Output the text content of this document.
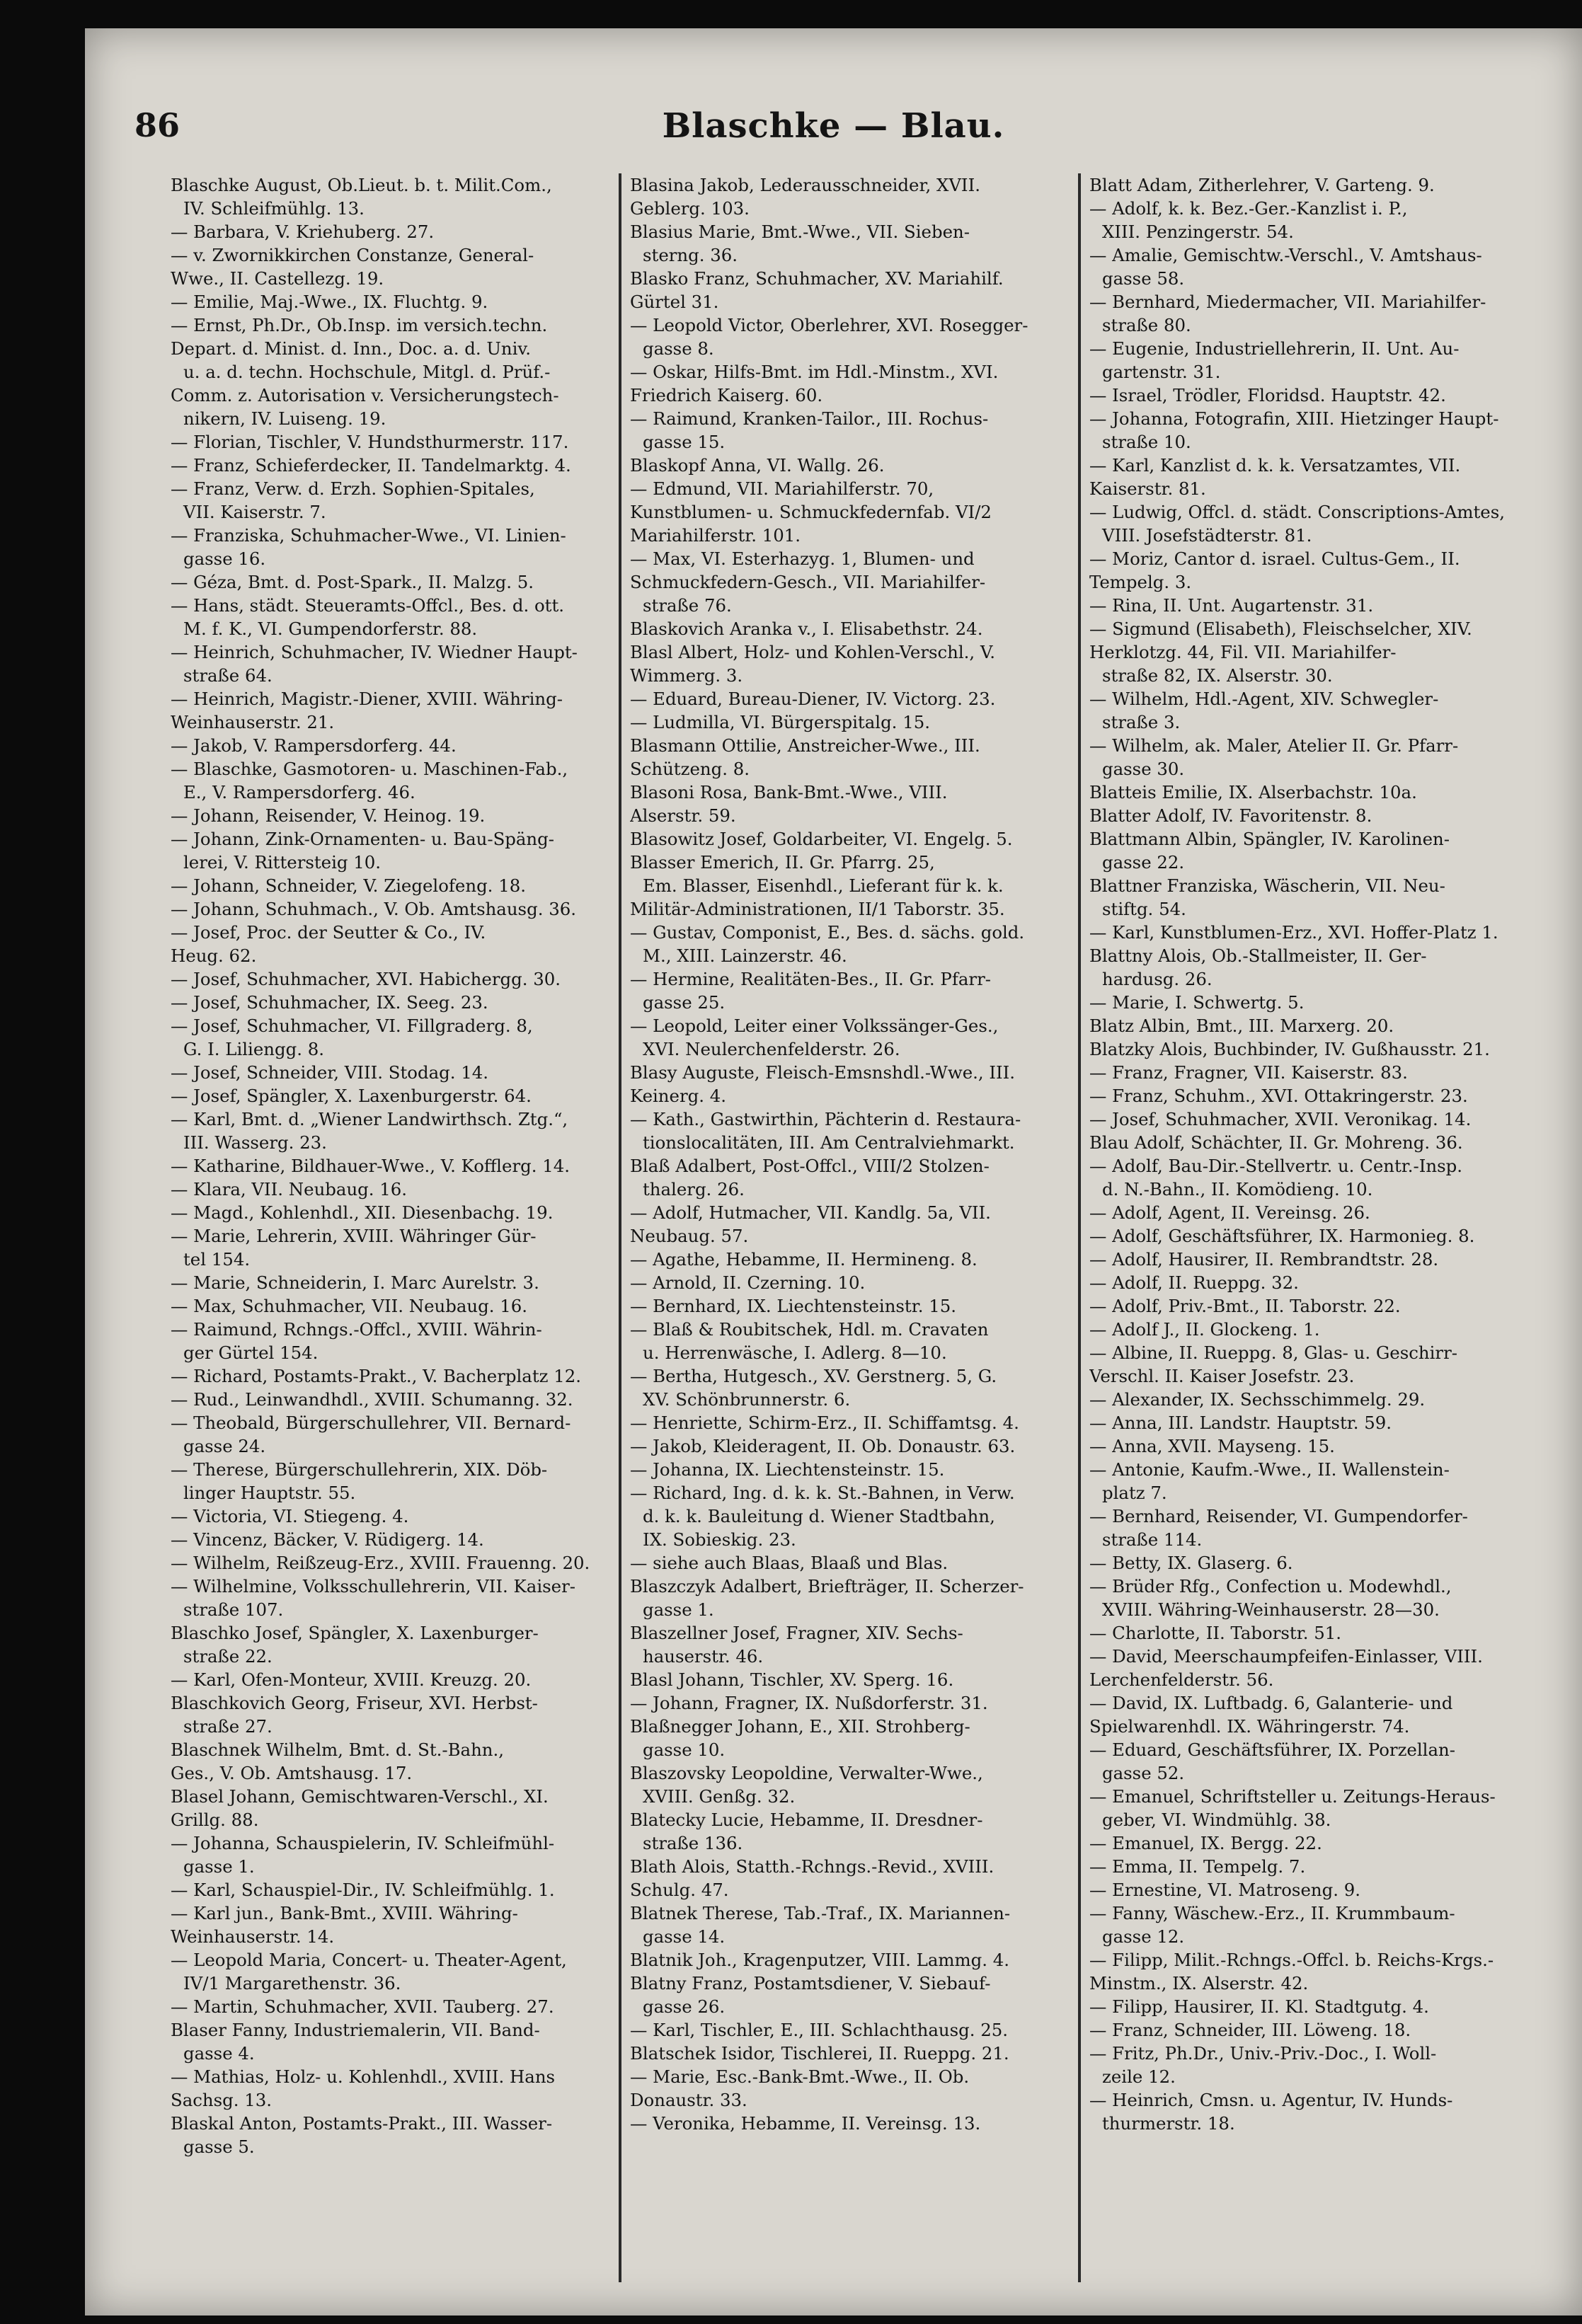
86	Blaschke — Blau.
Blaschke August, Ob.Lieut. b. t. Milit.Com.,
IV. Schleifmühlg. 13.
— Barbara, V. Kriehuberg. 27.
— v. Zwornikkirchen Constanze, General-
Wwe., II. Castellezg. 19.
— Emilie, Maj.-Wwe., IX. Fluchtg. 9.
— Ernst, Ph.Dr., Ob.Insp. im versich.techn.
Depart. d. Minist. d. Inn., Doc. a. d. Univ.
u. a. d. techn. Hochschule, Mitgl. d. Prüf.-
Comm. z. Autorisation v. Versicherungstech-
nikern, IV. Luiseng. 19.
— Florian, Tischler, V. Hundsthurmerstr. 117.
— Franz, Schieferdecker, II. Tandelmarktg. 4.
— Franz, Verw. d. Erzh. Sophien-Spitales,
VII. Kaiserstr. 7.
— Franziska, Schuhmacher-Wwe., VI. Linien-
gasse 16.
— Géza, Bmt. d. Post-Spark., II. Malzg. 5.
— Hans, städt. Steueramts-Offcl., Bes. d. ott.
M. f. K., VI. Gumpendorferstr. 88.
— Heinrich, Schuhmacher, IV. Wiedner Haupt-
straße 64.
— Heinrich, Magistr.-Diener, XVIII. Währing-
Weinhauserstr. 21.
— Jakob, V. Rampersdorferg. 44.
— Blaschke, Gasmotoren- u. Maschinen-Fab.,
E., V. Rampersdorferg. 46.
— Johann, Reisender, V. Heinog. 19.
— Johann, Zink-Ornamenten- u. Bau-Späng-
lerei, V. Rittersteig 10.
— Johann, Schneider, V. Ziegelofeng. 18.
— Johann, Schuhmach., V. Ob. Amtshausg. 36.
— Josef, Proc. der Seutter & Co., IV.
Heug. 62.
— Josef, Schuhmacher, XVI. Habichergg. 30.
— Josef, Schuhmacher, IX. Seeg. 23.
— Josef, Schuhmacher, VI. Fillgraderg. 8,
G. I. Liliengg. 8.
— Josef, Schneider, VIII. Stodag. 14.
— Josef, Spängler, X. Laxenburgerstr. 64.
— Karl, Bmt. d. „Wiener Landwirthsch. Ztg.“,
III. Wasserg. 23.
— Katharine, Bildhauer-Wwe., V. Kofflerg. 14.
— Klara, VII. Neubaug. 16.
— Magd., Kohlenhdl., XII. Diesenbachg. 19.
— Marie, Lehrerin, XVIII. Währinger Gür-
tel 154.
— Marie, Schneiderin, I. Marc Aurelstr. 3.
— Max, Schuhmacher, VII. Neubaug. 16.
— Raimund, Rchngs.-Offcl., XVIII. Währin-
ger Gürtel 154.
— Richard, Postamts-Prakt., V. Bacherplatz 12.
— Rud., Leinwandhdl., XVIII. Schumanng. 32.
— Theobald, Bürgerschullehrer, VII. Bernard-
gasse 24.
— Therese, Bürgerschullehrerin, XIX. Döb-
linger Hauptstr. 55.
— Victoria, VI. Stiegeng. 4.
— Vincenz, Bäcker, V. Rüdigerg. 14.
— Wilhelm, Reißzeug-Erz., XVIII. Frauenng. 20.
— Wilhelmine, Volksschullehrerin, VII. Kaiser-
straße 107.
Blaschko Josef, Spängler, X. Laxenburger-
straße 22.
— Karl, Ofen-Monteur, XVIII. Kreuzg. 20.
Blaschkovich Georg, Friseur, XVI. Herbst-
straße 27.
Blaschnek Wilhelm, Bmt. d. St.-Bahn.,
Ges., V. Ob. Amtshausg. 17.
Blasel Johann, Gemischtwaren-Verschl., XI.
Grillg. 88.
— Johanna, Schauspielerin, IV. Schleifmühl-
gasse 1.
— Karl, Schauspiel-Dir., IV. Schleifmühlg. 1.
— Karl jun., Bank-Bmt., XVIII. Währing-
Weinhauserstr. 14.
— Leopold Maria, Concert- u. Theater-Agent,
IV/1 Margarethenstr. 36.
— Martin, Schuhmacher, XVII. Tauberg. 27.
Blaser Fanny, Industriemalerin, VII. Band-
gasse 4.
— Mathias, Holz- u. Kohlenhdl., XVIII. Hans
Sachsg. 13.
Blaskal Anton, Postamts-Prakt., III. Wasser-
gasse 5.
Blasina Jakob, Lederausschneider, XVII.
Geblerg. 103.
Blasius Marie, Bmt.-Wwe., VII. Sieben-
sterng. 36.
Blasko Franz, Schuhmacher, XV. Mariahilf.
Gürtel 31.
— Leopold Victor, Oberlehrer, XVI. Rosegger-
gasse 8.
— Oskar, Hilfs-Bmt. im Hdl.-Minstm., XVI.
Friedrich Kaiserg. 60.
— Raimund, Kranken-Tailor., III. Rochus-
gasse 15.
Blaskopf Anna, VI. Wallg. 26.
— Edmund, VII. Mariahilferstr. 70,
Kunstblumen- u. Schmuckfedernfab. VI/2
Mariahilferstr. 101.
— Max, VI. Esterhazyg. 1, Blumen- und
Schmuckfedern-Gesch., VII. Mariahilfer-
straße 76.
Blaskovich Aranka v., I. Elisabethstr. 24.
Blasl Albert, Holz- und Kohlen-Verschl., V.
Wimmerg. 3.
— Eduard, Bureau-Diener, IV. Victorg. 23.
— Ludmilla, VI. Bürgerspitalg. 15.
Blasmann Ottilie, Anstreicher-Wwe., III.
Schützeng. 8.
Blasoni Rosa, Bank-Bmt.-Wwe., VIII.
Alserstr. 59.
Blasowitz Josef, Goldarbeiter, VI. Engelg. 5.
Blasser Emerich, II. Gr. Pfarrg. 25,
Em. Blasser, Eisenhdl., Lieferant für k. k.
Militär-Administrationen, II/1 Taborstr. 35.
— Gustav, Componist, E., Bes. d. sächs. gold.
M., XIII. Lainzerstr. 46.
— Hermine, Realitäten-Bes., II. Gr. Pfarr-
gasse 25.
— Leopold, Leiter einer Volkssänger-Ges.,
XVI. Neulerchenfelderstr. 26.
Blasy Auguste, Fleisch-Emsnshdl.-Wwe., III.
Keinerg. 4.
— Kath., Gastwirthin, Pächterin d. Restaura-
tionslocalitäten, III. Am Centralviehmarkt.
Blaß Adalbert, Post-Offcl., VIII/2 Stolzen-
thalerg. 26.
— Adolf, Hutmacher, VII. Kandlg. 5a, VII.
Neubaug. 57.
— Agathe, Hebamme, II. Hermineng. 8.
— Arnold, II. Czerning. 10.
— Bernhard, IX. Liechtensteinstr. 15.
— Blaß & Roubitschek, Hdl. m. Cravaten
u. Herrenwäsche, I. Adlerg. 8—10.
— Bertha, Hutgesch., XV. Gerstnerg. 5, G.
XV. Schönbrunnerstr. 6.
— Henriette, Schirm-Erz., II. Schiffamtsg. 4.
— Jakob, Kleideragent, II. Ob. Donaustr. 63.
— Johanna, IX. Liechtensteinstr. 15.
— Richard, Ing. d. k. k. St.-Bahnen, in Verw.
d. k. k. Bauleitung d. Wiener Stadtbahn,
IX. Sobieskig. 23.
— siehe auch Blaas, Blaaß und Blas.
Blaszczyk Adalbert, Briefträger, II. Scherzer-
gasse 1.
Blaszellner Josef, Fragner, XIV. Sechs-
hauserstr. 46.
Blasl Johann, Tischler, XV. Sperg. 16.
— Johann, Fragner, IX. Nußdorferstr. 31.
Blaßnegger Johann, E., XII. Strohberg-
gasse 10.
Blaszovsky Leopoldine, Verwalter-Wwe.,
XVIII. Genßg. 32.
Blatecky Lucie, Hebamme, II. Dresdner-
straße 136.
Blath Alois, Statth.-Rchngs.-Revid., XVIII.
Schulg. 47.
Blatnek Therese, Tab.-Traf., IX. Mariannen-
gasse 14.
Blatnik Joh., Kragenputzer, VIII. Lammg. 4.
Blatny Franz, Postamtsdiener, V. Siebauf-
gasse 26.
— Karl, Tischler, E., III. Schlachthausg. 25.
Blatschek Isidor, Tischlerei, II. Rueppg. 21.
— Marie, Esc.-Bank-Bmt.-Wwe., II. Ob.
Donaustr. 33.
— Veronika, Hebamme, II. Vereinsg. 13.
Blatt Adam, Zitherlehrer, V. Garteng. 9.
— Adolf, k. k. Bez.-Ger.-Kanzlist i. P.,
XIII. Penzingerstr. 54.
— Amalie, Gemischtw.-Verschl., V. Amtshaus-
gasse 58.
— Bernhard, Miedermacher, VII. Mariahilfer-
straße 80.
— Eugenie, Industriellehrerin, II. Unt. Au-
gartenstr. 31.
— Israel, Trödler, Floridsd. Hauptstr. 42.
— Johanna, Fotografin, XIII. Hietzinger Haupt-
straße 10.
— Karl, Kanzlist d. k. k. Versatzamtes, VII.
Kaiserstr. 81.
— Ludwig, Offcl. d. städt. Conscriptions-Amtes,
VIII. Josefstädterstr. 81.
— Moriz, Cantor d. israel. Cultus-Gem., II.
Tempelg. 3.
— Rina, II. Unt. Augartenstr. 31.
— Sigmund (Elisabeth), Fleischselcher, XIV.
Herklotzg. 44, Fil. VII. Mariahilfer-
straße 82, IX. Alserstr. 30.
— Wilhelm, Hdl.-Agent, XIV. Schwegler-
straße 3.
— Wilhelm, ak. Maler, Atelier II. Gr. Pfarr-
gasse 30.
Blatteis Emilie, IX. Alserbachstr. 10a.
Blatter Adolf, IV. Favoritenstr. 8.
Blattmann Albin, Spängler, IV. Karolinen-
gasse 22.
Blattner Franziska, Wäscherin, VII. Neu-
stiftg. 54.
— Karl, Kunstblumen-Erz., XVI. Hoffer-Platz 1.
Blattny Alois, Ob.-Stallmeister, II. Ger-
hardusg. 26.
— Marie, I. Schwertg. 5.
Blatz Albin, Bmt., III. Marxerg. 20.
Blatzky Alois, Buchbinder, IV. Gußhausstr. 21.
— Franz, Fragner, VII. Kaiserstr. 83.
— Franz, Schuhm., XVI. Ottakringerstr. 23.
— Josef, Schuhmacher, XVII. Veronikag. 14.
Blau Adolf, Schächter, II. Gr. Mohreng. 36.
— Adolf, Bau-Dir.-Stellvertr. u. Centr.-Insp.
d. N.-Bahn., II. Komödieng. 10.
— Adolf, Agent, II. Vereinsg. 26.
— Adolf, Geschäftsführer, IX. Harmonieg. 8.
— Adolf, Hausirer, II. Rembrandtstr. 28.
— Adolf, II. Rueppg. 32.
— Adolf, Priv.-Bmt., II. Taborstr. 22.
— Adolf J., II. Glockeng. 1.
— Albine, II. Rueppg. 8, Glas- u. Geschirr-
Verschl. II. Kaiser Josefstr. 23.
— Alexander, IX. Sechsschimmelg. 29.
— Anna, III. Landstr. Hauptstr. 59.
— Anna, XVII. Mayseng. 15.
— Antonie, Kaufm.-Wwe., II. Wallenstein-
platz 7.
— Bernhard, Reisender, VI. Gumpendorfer-
straße 114.
— Betty, IX. Glaserg. 6.
— Brüder Rfg., Confection u. Modewhdl.,
XVIII. Währing-Weinhauserstr. 28—30.
— Charlotte, II. Taborstr. 51.
— David, Meerschaumpfeifen-Einlasser, VIII.
Lerchenfelderstr. 56.
— David, IX. Luftbadg. 6, Galanterie- und
Spielwarenhdl. IX. Währingerstr. 74.
— Eduard, Geschäftsführer, IX. Porzellan-
gasse 52.
— Emanuel, Schriftsteller u. Zeitungs-Heraus-
geber, VI. Windmühlg. 38.
— Emanuel, IX. Bergg. 22.
— Emma, II. Tempelg. 7.
— Ernestine, VI. Matroseng. 9.
— Fanny, Wäschew.-Erz., II. Krummbaum-
gasse 12.
— Filipp, Milit.-Rchngs.-Offcl. b. Reichs-Krgs.-
Minstm., IX. Alserstr. 42.
— Filipp, Hausirer, II. Kl. Stadtgutg. 4.
— Franz, Schneider, III. Löweng. 18.
— Fritz, Ph.Dr., Univ.-Priv.-Doc., I. Woll-
zeile 12.
— Heinrich, Cmsn. u. Agentur, IV. Hunds-
thurmerstr. 18.
